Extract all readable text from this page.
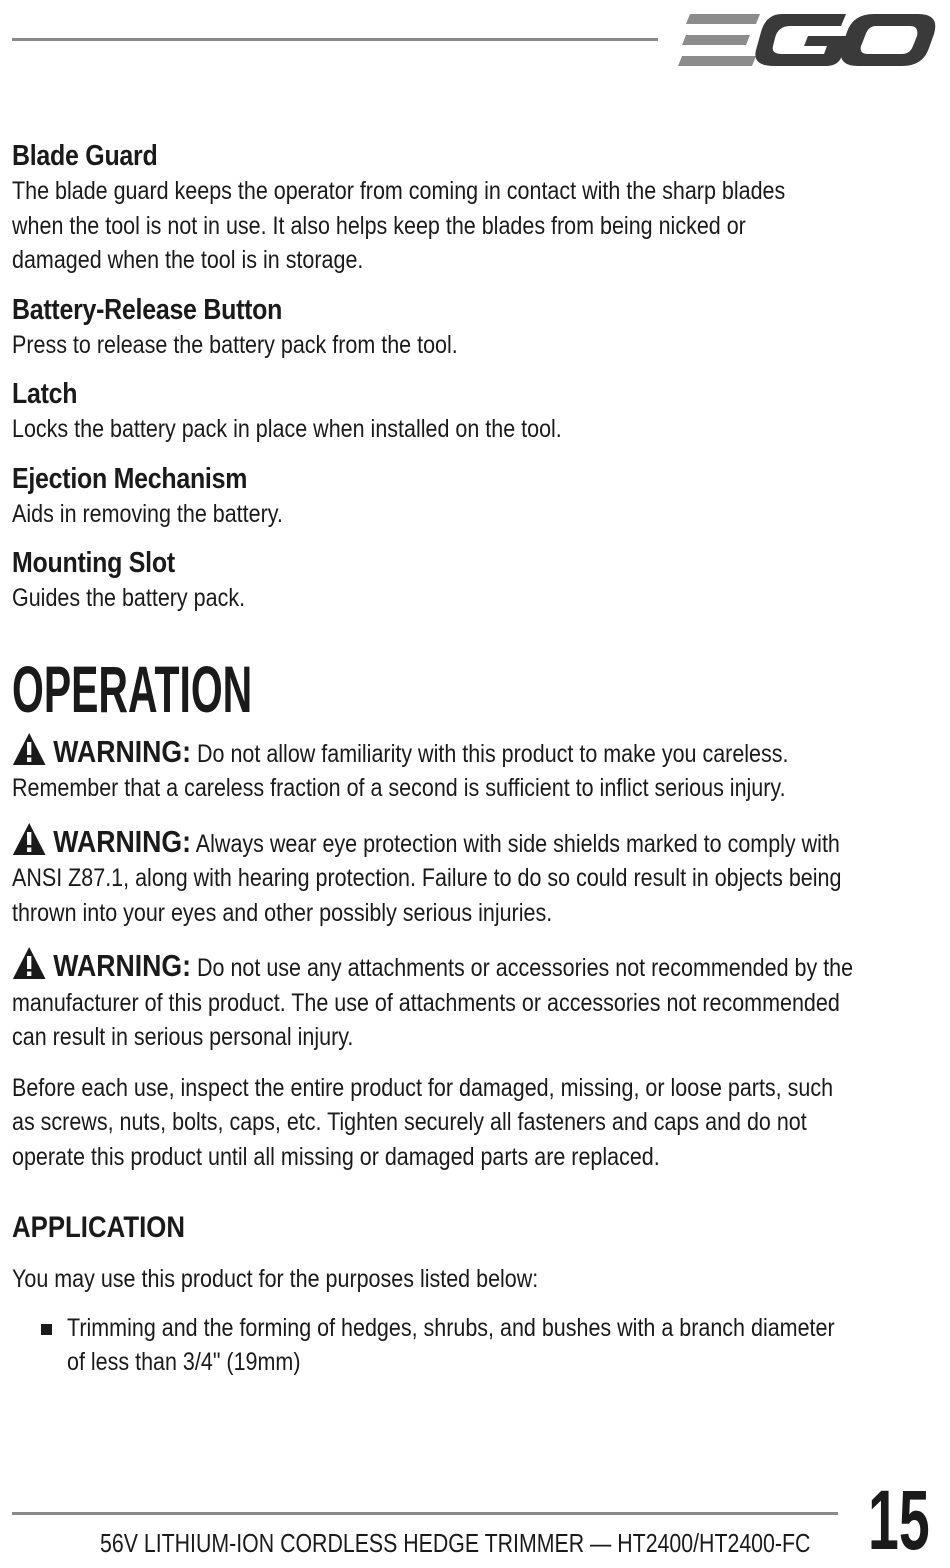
Blade Guard

The blade guard keeps the operator from coming in contact with the sharp blades
when the tool is not in use. It also helps keep the blades from being nicked or
damaged when the tool is in storage.

Battery-Release Button

Press to release the battery pack from the tool.

Latch

Locks the battery pack in place when installed on the tool.

Ejection Mechanism

Aids in removing the battery.

Mounting Slot

Guides the battery pack.

OPERATION

WARNING: Do not allow familiarity with this product to make you careless.
Remember that a careless fraction of a second is sufficient to inflict serious injury.

WARNING: Always wear eye protection with side shields marked to comply with
ANSI Z87.1, along with hearing protection. Failure to do so could result in objects being
thrown into your eyes and other possibly serious injuries.

WARNING: Do not use any attachments or accessories not recommended by the
manufacturer of this product. The use of attachments or accessories not recommended
can result in serious personal injury.

Before each use, inspect the entire product for damaged, missing, or loose parts, such
as screws, nuts, bolts, caps, etc. Tighten securely all fasteners and caps and do not
operate this product until all missing or damaged parts are replaced.

APPLICATION

You may use this product for the purposes listed below:

Trimming and the forming of hedges, shrubs, and bushes with a branch diameter
of less than 3/4" (19mm)
56V LITHIUM-ION CORDLESS HEDGE TRIMMER — HT2400/HT2400-FC 15
